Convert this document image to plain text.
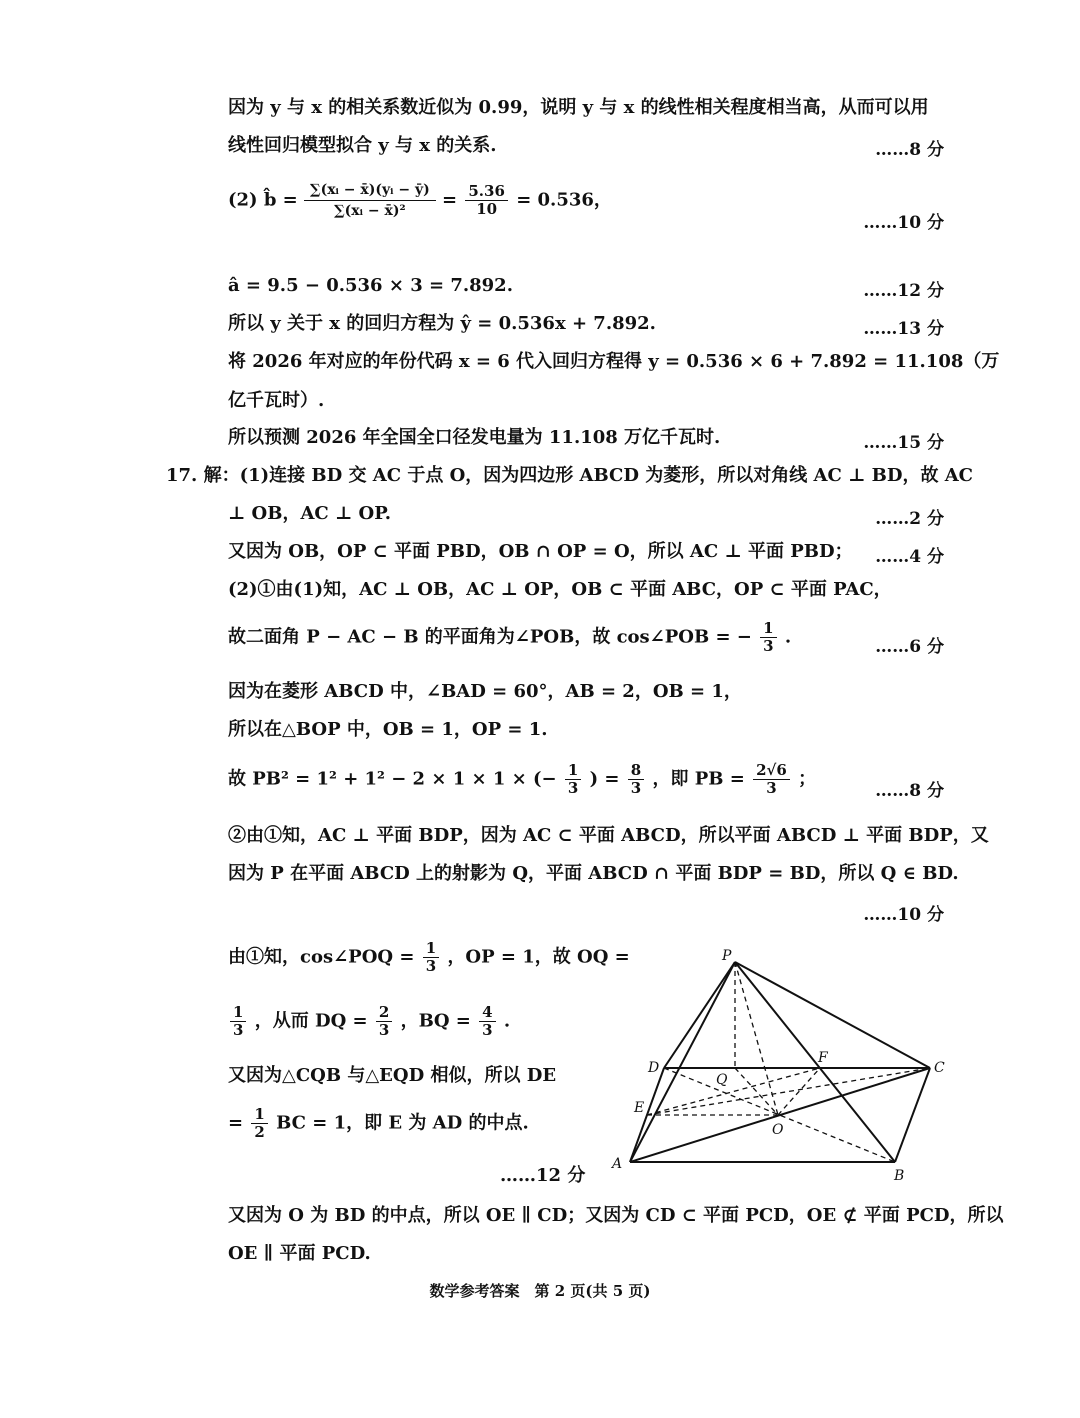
因为 y 与 x 的相关系数近似为 0.99，说明 y 与 x 的线性相关程度相当高，从而可以用
线性回归模型拟合 y 与 x 的关系.	……8 分
(2) b̂ = $\frac{\text{∑(xᵢ − x̄)(yᵢ − ȳ)}}{\text{∑(xᵢ − x̄)²}} = \frac{5.36}{10} = 0.536$，
……10 分
â = 9.5 − 0.536 × 3 = 7.892.	……12 分
所以 y 关于 x 的回归方程为 ŷ = 0.536x + 7.892.	……13 分
将 2026 年对应的年份代码 x = 6 代入回归方程得 y = 0.536 × 6 + 7.892 = 11.108（万
亿千瓦时）.
所以预测 2026 年全国全口径发电量为 11.108 万亿千瓦时.	……15 分
17. 解：(1)连接 BD 交 AC 于点 O，因为四边形 ABCD 为菱形，所以对角线 AC ⊥ BD，故 AC
⊥ OB，AC ⊥ OP.	……2 分
又因为 OB，OP ⊂ 平面 PBD，OB ∩ OP = O，所以 AC ⊥ 平面 PBD； ……4 分
(2)①由(1)知，AC ⊥ OB，AC ⊥ OP，OB ⊂ 平面 ABC，OP ⊂ 平面 PAC，
故二面角 P − AC − B 的平面角为∠POB，故 cos∠POB = − $\frac{1}{3}$ .	……6 分
因为在菱形 ABCD 中，∠BAD = 60°，AB = 2，OB = 1，
所以在△BOP 中，OB = 1，OP = 1.
故 PB² = 1² + 1² − 2 × 1 × 1 × (− $\frac{1}{3}$ ) = $\frac{8}{3}$ ，即 PB = $\frac{2√6}{3}$ ；
……8 分
②由①知，AC ⊥ 平面 BDP，因为 AC ⊂ 平面 ABCD，所以平面 ABCD ⊥ 平面 BDP，又
因为 P 在平面 ABCD 上的射影为 Q，平面 ABCD ∩ 平面 BDP = BD，所以 Q ∈ BD.
……10 分
由①知，cos∠POQ = $\frac{1}{3}$ ，OP = 1，故 OQ =
$\frac{1}{3}$ ，从而 DQ = $\frac{2}{3}$ ，BQ = $\frac{4}{3}$ .
又因为△CQB 与△EQD 相似，所以 DE
= $\frac{1}{2}$ BC = 1，即 E 为 AD 的中点.
……12 分
P
D
Q
F
C
E
O
A
B
又因为 O 为 BD 的中点，所以 OE ∥ CD；又因为 CD ⊂ 平面 PCD，OE ⊄ 平面 PCD，所以
OE ∥ 平面 PCD.
数学参考答案　第 2 页(共 5 页)
